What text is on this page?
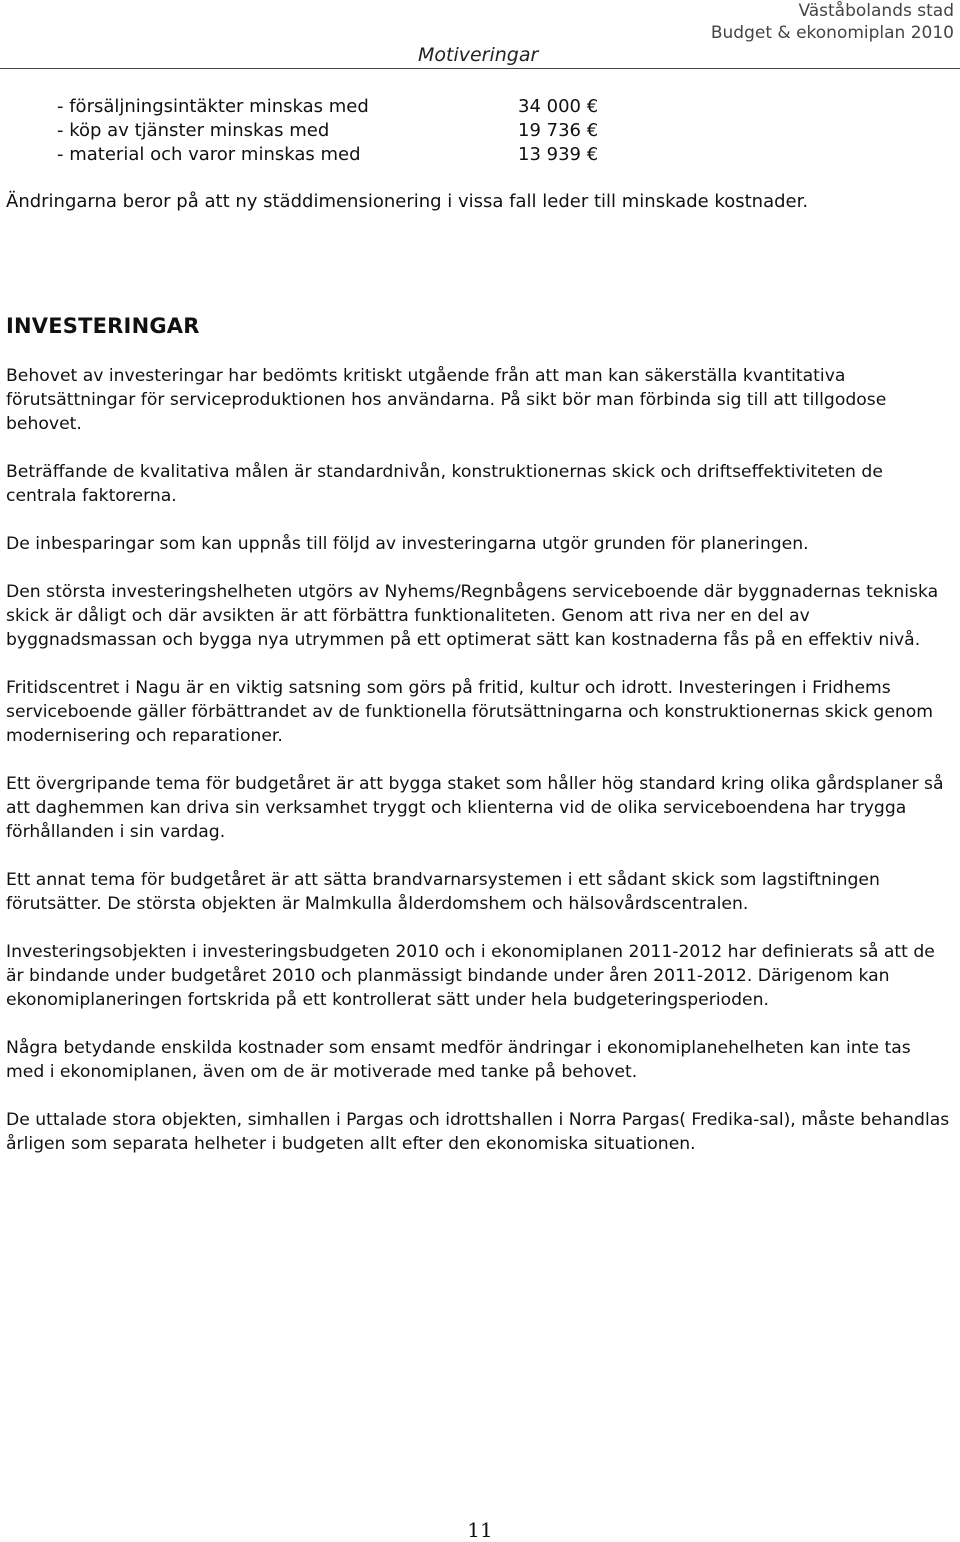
Motiveringar
Väståbolands stad
Budget & ekonomiplan 2010
- försäljningsintäkter minskas med	34 000 €
- köp av tjänster minskas med	19 736 €
- material och varor minskas med	13 939 €
Ändringarna beror på att ny städdimensionering i vissa fall leder till minskade kostnader.
INVESTERINGAR

Behovet av investeringar har bedömts kritiskt utgående från att man kan säkerställa kvantitativa förutsättningar för serviceproduktionen hos användarna. På sikt bör man förbinda sig till att tillgodose behovet.

Beträffande de kvalitativa målen är standardnivån, konstruktionernas skick och driftseffektiviteten de centrala faktorerna.

De inbesparingar som kan uppnås till följd av investeringarna utgör grunden för planeringen.

Den största investeringshelheten utgörs av Nyhems/Regnbågens serviceboende där byggnadernas tekniska skick är dåligt och där avsikten är att förbättra funktionaliteten. Genom att riva ner en del av byggnadsmassan och bygga nya utrymmen på ett optimerat sätt kan kostnaderna fås på en effektiv nivå.

Fritidscentret i Nagu är en viktig satsning som görs på fritid, kultur och idrott. Investeringen i Fridhems serviceboende gäller förbättrandet av de funktionella förutsättningarna och konstruktionernas skick genom modernisering och reparationer.

Ett övergripande tema för budgetåret är att bygga staket som håller hög standard kring olika gårdsplaner så att daghemmen kan driva sin verksamhet tryggt och klienterna vid de olika serviceboendena har trygga förhållanden i sin vardag.

Ett annat tema för budgetåret är att sätta brandvarnarsystemen i ett sådant skick som lagstiftningen förutsätter. De största objekten är Malmkulla ålderdomshem och hälsovårdscentralen.

Investeringsobjekten i investeringsbudgeten 2010 och i ekonomiplanen 2011-2012 har definierats så att de är bindande under budgetåret 2010 och planmässigt bindande under åren 2011-2012. Därigenom kan ekonomiplaneringen fortskrida på ett kontrollerat sätt under hela budgeteringsperioden.

Några betydande enskilda kostnader som ensamt medför ändringar i ekonomiplanehelheten kan inte tas med i ekonomiplanen, även om de är motiverade med tanke på behovet.

De uttalade stora objekten, simhallen i Pargas och idrottshallen i Norra Pargas( Fredika-sal), måste behandlas årligen som separata helheter i budgeten allt efter den ekonomiska situationen.

11
